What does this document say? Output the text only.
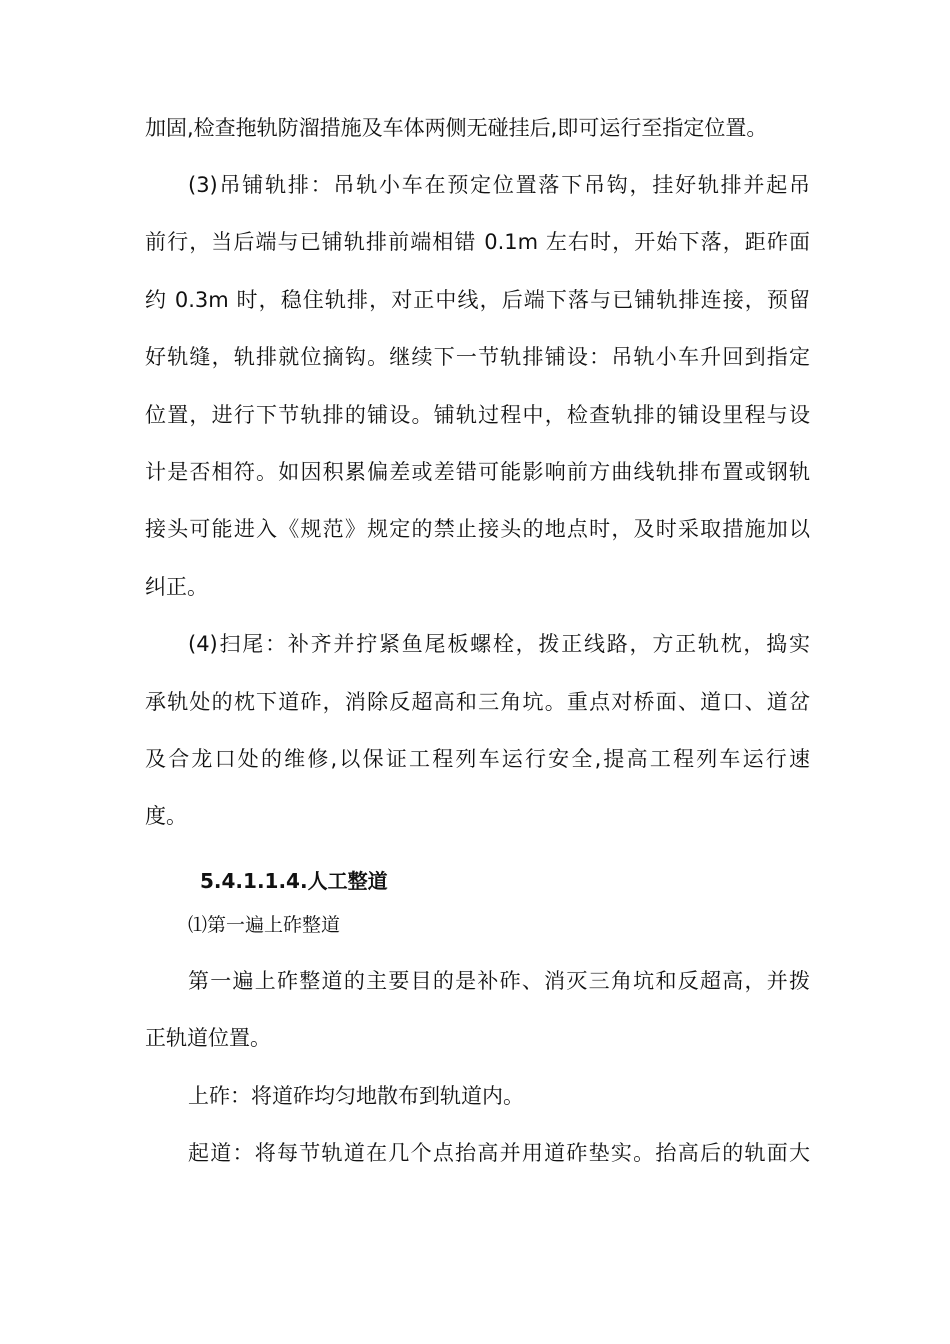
加固,检查拖轨防溜措施及车体两侧无碰挂后,即可运行至指定位置。
(3)吊铺轨排：吊轨小车在预定位置落下吊钩，挂好轨排并起吊
前行，当后端与已铺轨排前端相错 0.1m 左右时，开始下落，距砟面
约 0.3m 时，稳住轨排，对正中线，后端下落与已铺轨排连接，预留
好轨缝，轨排就位摘钩。继续下一节轨排铺设：吊轨小车升回到指定
位置，进行下节轨排的铺设。铺轨过程中，检查轨排的铺设里程与设
计是否相符。如因积累偏差或差错可能影响前方曲线轨排布置或钢轨
接头可能进入《规范》规定的禁止接头的地点时，及时采取措施加以
纠正。
(4)扫尾：补齐并拧紧鱼尾板螺栓，拨正线路，方正轨枕，捣实
承轨处的枕下道砟，消除反超高和三角坑。重点对桥面、道口、道岔
及合龙口处的维修,以保证工程列车运行安全,提高工程列车运行速
度。
5.4.1.1.4.人工整道
⑴第一遍上砟整道
第一遍上砟整道的主要目的是补砟、消灭三角坑和反超高，并拨
正轨道位置。
上砟：将道砟均匀地散布到轨道内。
起道：将每节轨道在几个点抬高并用道砟垫实。抬高后的轨面大
